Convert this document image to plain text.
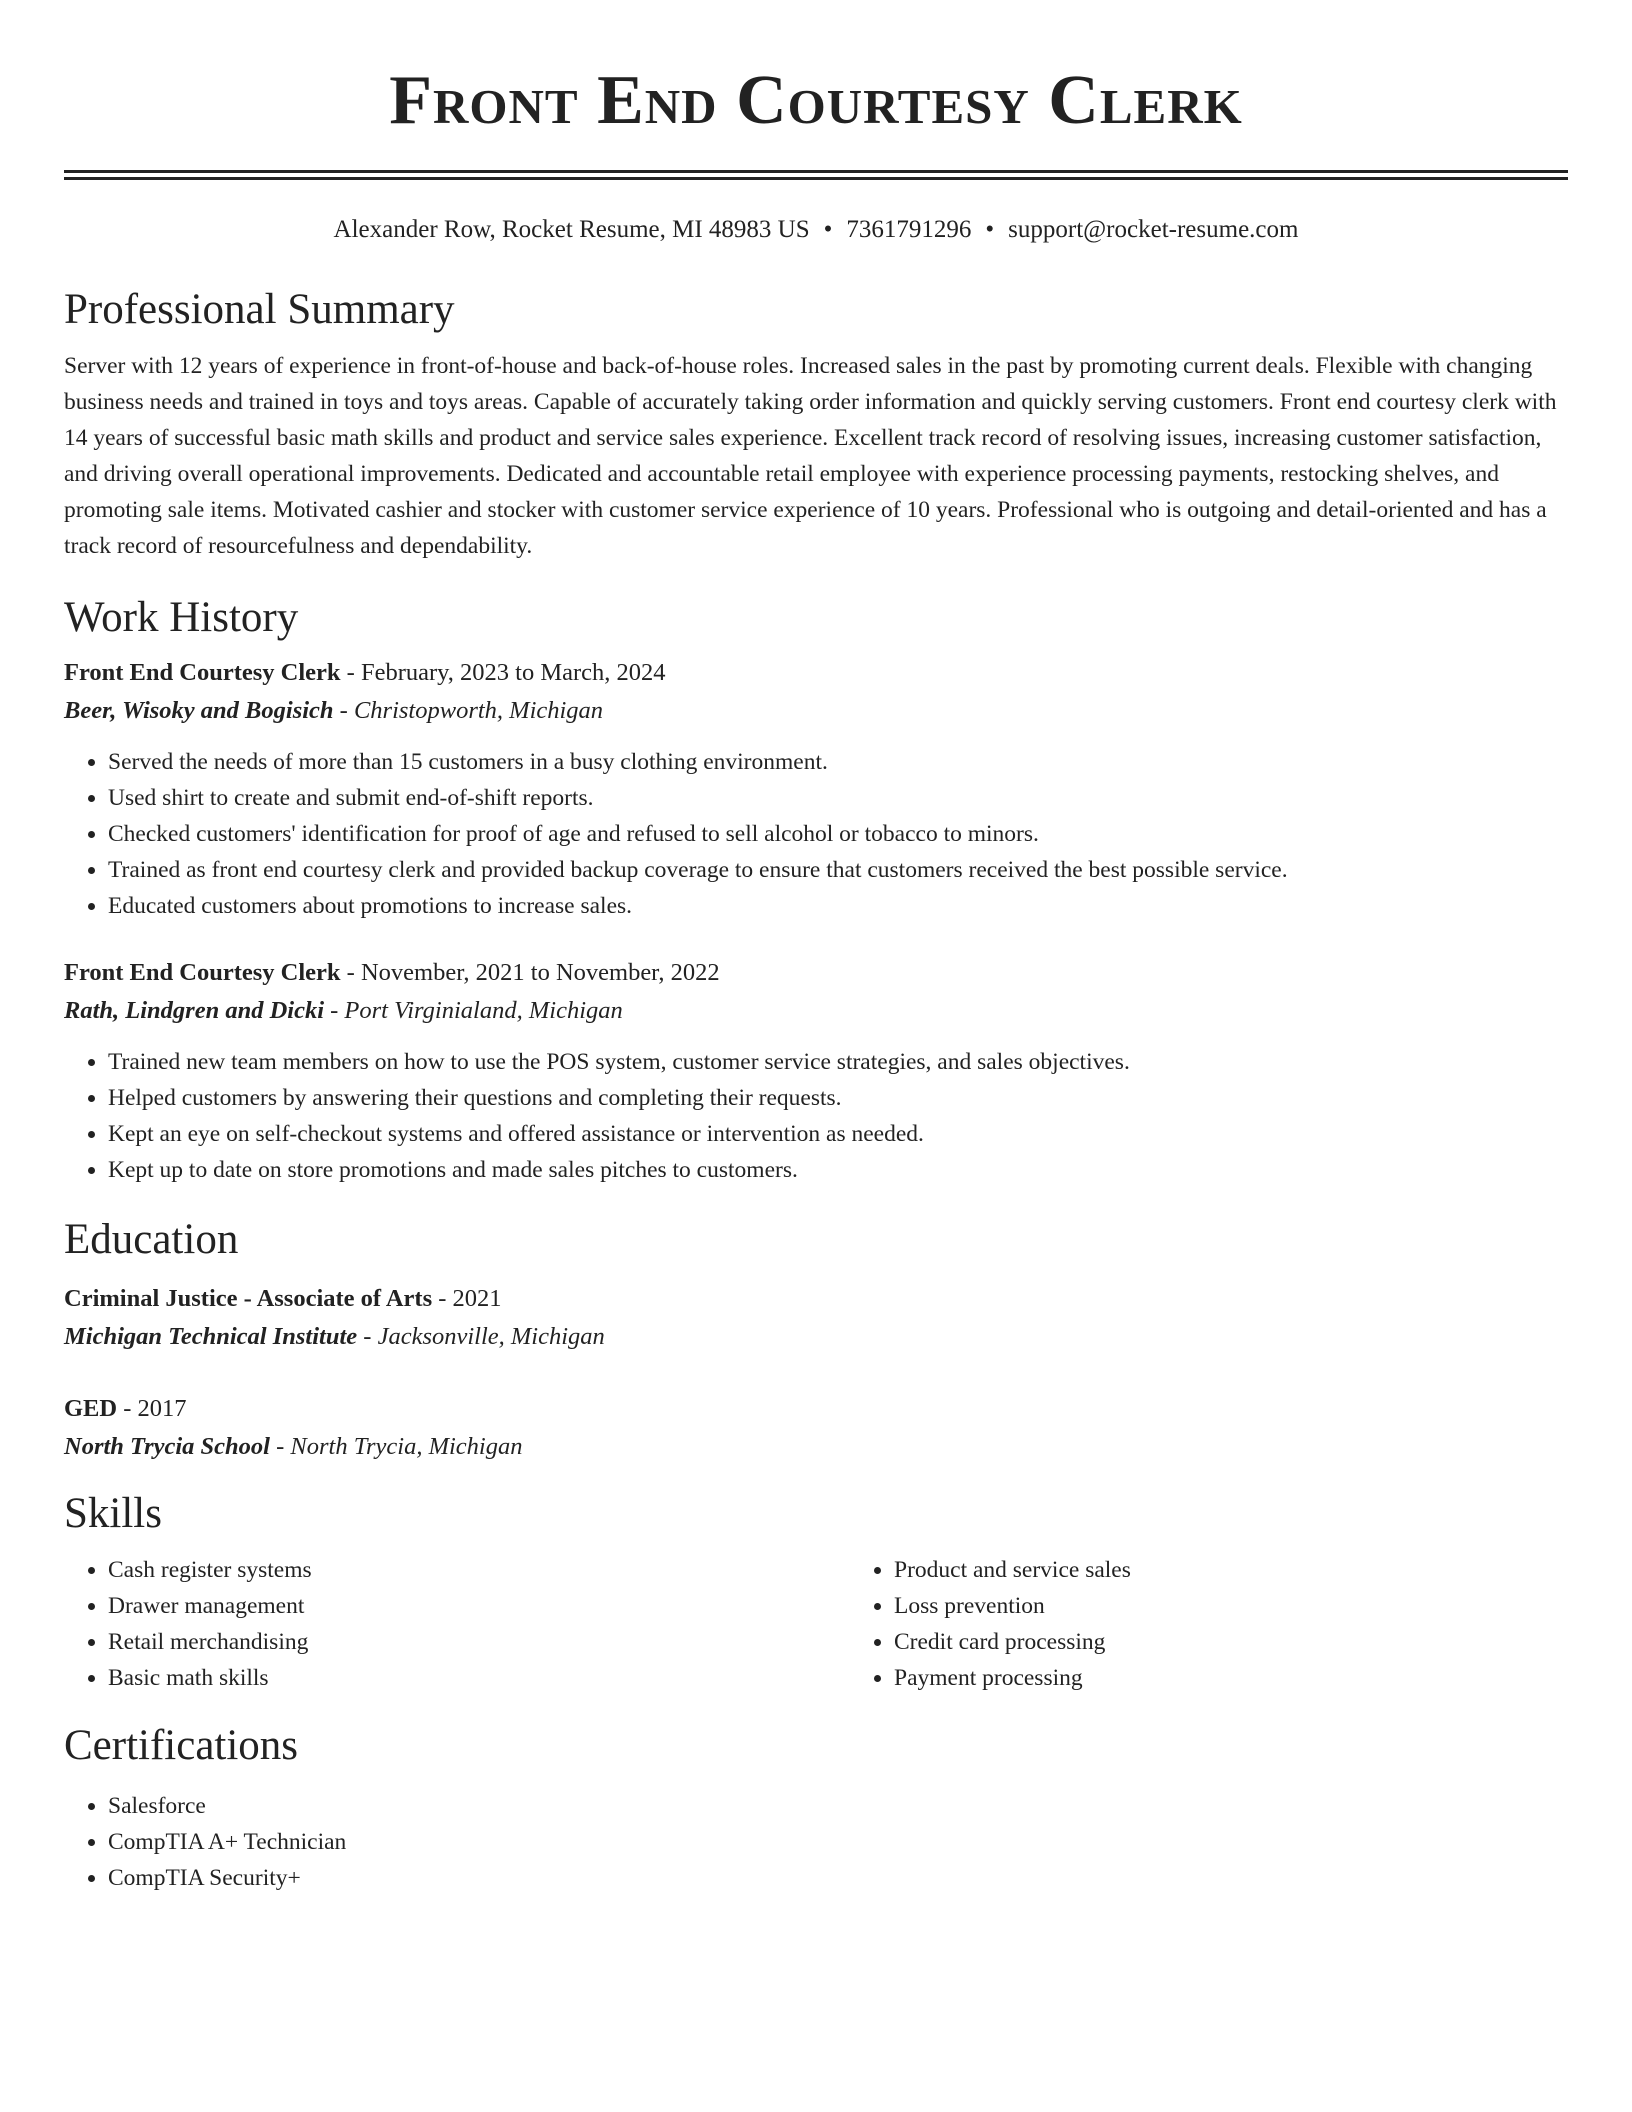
Front End Courtesy Clerk
Alexander Row, Rocket Resume, MI 48983 US • 7361791296 • support@rocket-resume.com
Professional Summary

Server with 12 years of experience in front-of-house and back-of-house roles. Increased sales in the past by promoting current deals. Flexible with changing business needs and trained in toys and toys areas. Capable of accurately taking order information and quickly serving customers. Front end courtesy clerk with 14 years of successful basic math skills and product and service sales experience. Excellent track record of resolving issues, increasing customer satisfaction, and driving overall operational improvements. Dedicated and accountable retail employee with experience processing payments, restocking shelves, and promoting sale items. Motivated cashier and stocker with customer service experience of 10 years. Professional who is outgoing and detail-oriented and has a track record of resourcefulness and dependability.

Work History
Front End Courtesy Clerk - February, 2023 to March, 2024
Beer, Wisoky and Bogisich - Christopworth, Michigan
• Served the needs of more than 15 customers in a busy clothing environment.
• Used shirt to create and submit end-of-shift reports.
• Checked customers' identification for proof of age and refused to sell alcohol or tobacco to minors.
• Trained as front end courtesy clerk and provided backup coverage to ensure that customers received the best possible service.
• Educated customers about promotions to increase sales.
Front End Courtesy Clerk - November, 2021 to November, 2022
Rath, Lindgren and Dicki - Port Virginialand, Michigan
• Trained new team members on how to use the POS system, customer service strategies, and sales objectives.
• Helped customers by answering their questions and completing their requests.
• Kept an eye on self-checkout systems and offered assistance or intervention as needed.
• Kept up to date on store promotions and made sales pitches to customers.
Education
Criminal Justice - Associate of Arts - 2021
Michigan Technical Institute - Jacksonville, Michigan
GED - 2017
North Trycia School - North Trycia, Michigan
Skills
• Cash register systems
• Drawer management
• Retail merchandising
• Basic math skills
• Product and service sales
• Loss prevention
• Credit card processing
• Payment processing
Certifications
• Salesforce
• CompTIA A+ Technician
• CompTIA Security+
